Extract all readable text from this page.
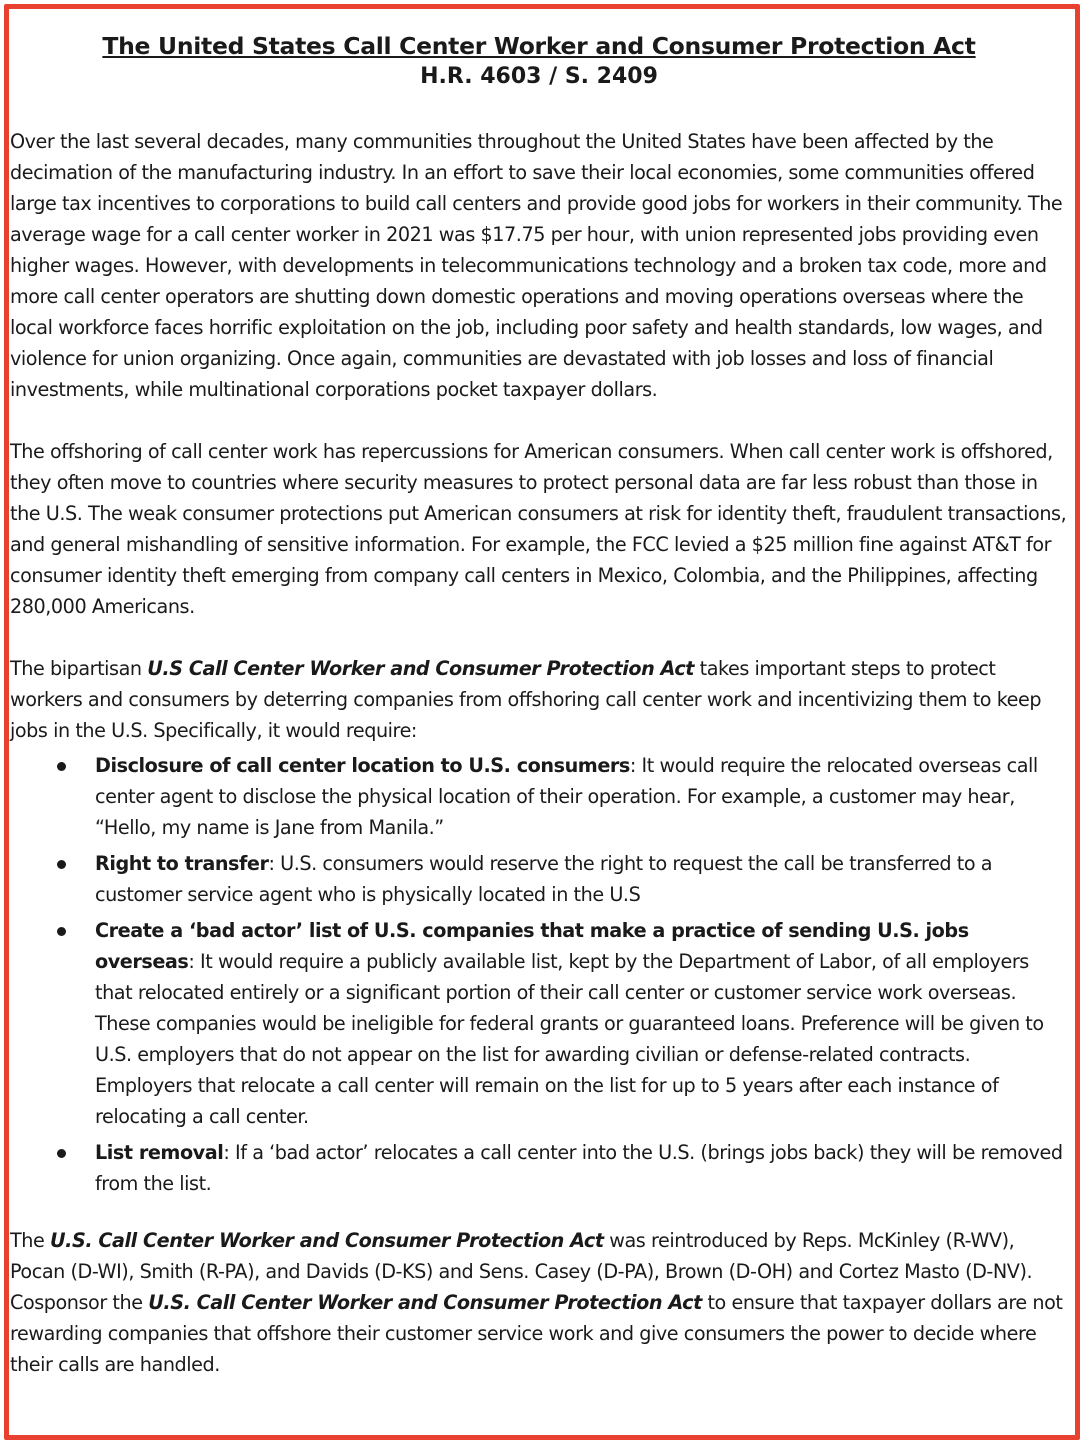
The United States Call Center Worker and Consumer Protection Act
H.R. 4603 / S. 2409

Over the last several decades, many communities throughout the United States have been affected by the decimation of the manufacturing industry. In an effort to save their local economies, some communities offered large tax incentives to corporations to build call centers and provide good jobs for workers in their community. The average wage for a call center worker in 2021 was $17.75 per hour, with union represented jobs providing even higher wages. However, with developments in telecommunications technology and a broken tax code, more and more call center operators are shutting down domestic operations and moving operations overseas where the local workforce faces horrific exploitation on the job, including poor safety and health standards, low wages, and violence for union organizing. Once again, communities are devastated with job losses and loss of financial investments, while multinational corporations pocket taxpayer dollars.

The offshoring of call center work has repercussions for American consumers. When call center work is offshored, they often move to countries where security measures to protect personal data are far less robust than those in the U.S. The weak consumer protections put American consumers at risk for identity theft, fraudulent transactions, and general mishandling of sensitive information. For example, the FCC levied a $25 million fine against AT&T for consumer identity theft emerging from company call centers in Mexico, Colombia, and the Philippines, affecting 280,000 Americans.

The bipartisan U.S Call Center Worker and Consumer Protection Act takes important steps to protect workers and consumers by deterring companies from offshoring call center work and incentivizing them to keep jobs in the U.S. Specifically, it would require:

Disclosure of call center location to U.S. consumers: It would require the relocated overseas call center agent to disclose the physical location of their operation. For example, a customer may hear, “Hello, my name is Jane from Manila.”
Right to transfer: U.S. consumers would reserve the right to request the call be transferred to a customer service agent who is physically located in the U.S
Create a ‘bad actor’ list of U.S. companies that make a practice of sending U.S. jobs overseas: It would require a publicly available list, kept by the Department of Labor, of all employers that relocated entirely or a significant portion of their call center or customer service work overseas. These companies would be ineligible for federal grants or guaranteed loans. Preference will be given to U.S. employers that do not appear on the list for awarding civilian or defense-related contracts. Employers that relocate a call center will remain on the list for up to 5 years after each instance of relocating a call center.
List removal: If a ‘bad actor’ relocates a call center into the U.S. (brings jobs back) they will be removed from the list.

The U.S. Call Center Worker and Consumer Protection Act was reintroduced by Reps. McKinley (R-WV), Pocan (D-WI), Smith (R-PA), and Davids (D-KS) and Sens. Casey (D-PA), Brown (D-OH) and Cortez Masto (D-NV). Cosponsor the U.S. Call Center Worker and Consumer Protection Act to ensure that taxpayer dollars are not rewarding companies that offshore their customer service work and give consumers the power to decide where their calls are handled.
